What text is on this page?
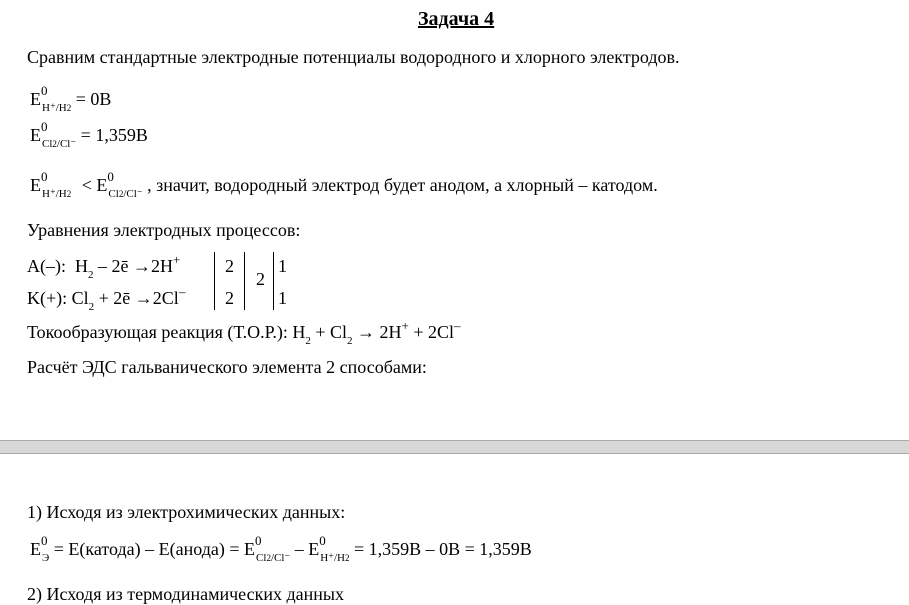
Задача 4
Сравним стандартные электродные потенциалы водородного и хлорного электродов.
E 0
$_{H^+/H2}$ = 0В
E 0
$_{Cl2/Cl^-}$ = 1,359В
E 0
$_{H^+/H2}$ < E 0
$_{Cl2/Cl^-}$ , значит, водородный электрод будет анодом, а хлорный – катодом.
Уравнения электродных процессов:
A(–): $H_2$ – 2ē →2H+ 2
K(+): $Cl_2$ + 2ē →2Cl– 2
2
1
1
Токообразующая реакция (Т.О.Р.): $H_2 + Cl_2 \to 2H^+ + 2Cl^-$
Расчёт ЭДС гальванического элемента 2 способами:
1) Исходя из электрохимических данных:
E 0
$_Э$ = E(катода) – E(анода) = E 0
$_{Cl2/Cl^-}$ – E 0
$_{H^+/H2}$ = 1,359В – 0В = 1,359В
2) Исходя из термодинамических данных
